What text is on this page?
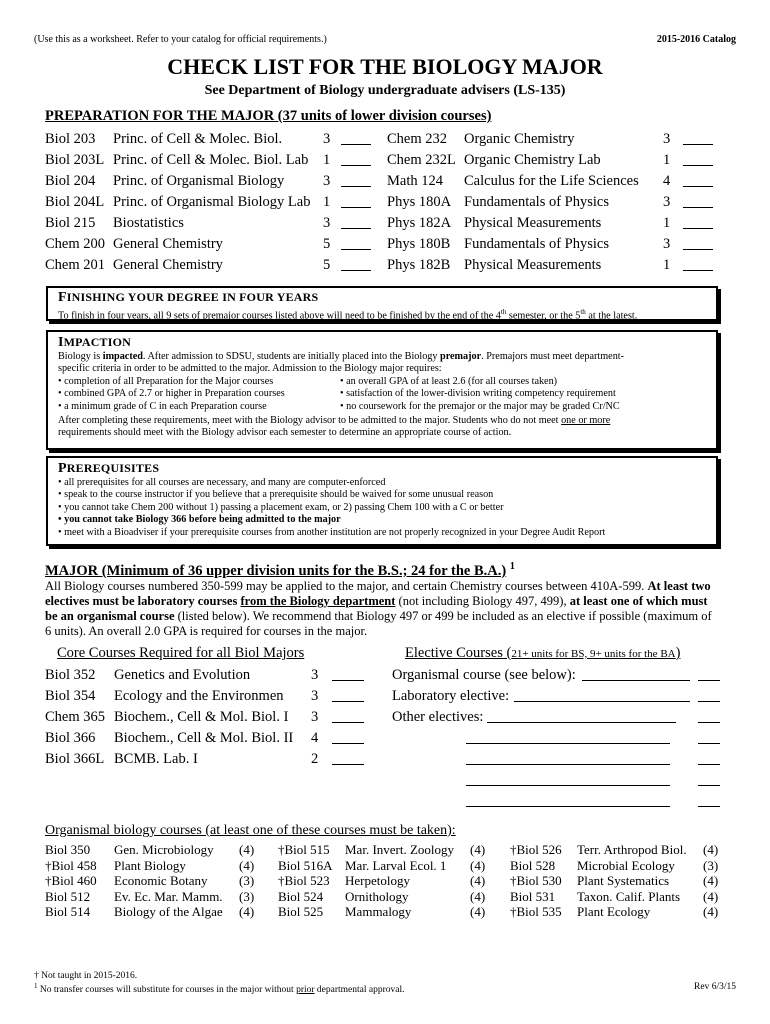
(Use this as a worksheet. Refer to your catalog for official requirements.)	2015-2016 Catalog
CHECK LIST FOR THE BIOLOGY MAJOR
See Department of Biology undergraduate advisers (LS-135)
PREPARATION FOR THE MAJOR (37 units of lower division courses)
Biol 203 Princ. of Cell & Molec. Biol.	3
Biol 203L Princ. of Cell & Molec. Biol. Lab 1
Biol 204 Princ. of Organismal Biology	3
Biol 204L Princ. of Organismal Biology Lab 1
Biol 215 Biostatistics	3
Chem 200 General Chemistry	5
Chem 201 General Chemistry	5
Chem 232 Organic Chemistry	3
Chem 232L Organic Chemistry Lab	1
Math 124 Calculus for the Life Sciences 4
Phys 180A Fundamentals of Physics	3
Phys 182A Physical Measurements	1
Phys 180B Fundamentals of Physics	3
Phys 182B Physical Measurements	1
FINISHING YOUR DEGREE IN FOUR YEARS
To finish in four years, all 9 sets of premajor courses listed above will need to be finished by the end of the 4th semester, or the 5th at the latest.
IMPACTION
Biology is impacted. After admission to SDSU, students are initially placed into the Biology premajor. Premajors must meet department-
specific criteria in order to be admitted to the major. Admission to the Biology major requires:
• completion of all Preparation for the Major courses
• combined GPA of 2.7 or higher in Preparation courses
• a minimum grade of C in each Preparation course
• an overall GPA of at least 2.6 (for all courses taken)
• satisfaction of the lower-division writing competency requirement
• no coursework for the premajor or the major may be graded Cr/NC
After completing these requirements, meet with the Biology advisor to be admitted to the major. Students who do not meet one or more
requirements should meet with the Biology advisor each semester to determine an appropriate course of action.
PREREQUISITES
• all prerequisites for all courses are necessary, and many are computer-enforced
• speak to the course instructor if you believe that a prerequisite should be waived for some unusual reason
• you cannot take Chem 200 without 1) passing a placement exam, or 2) passing Chem 100 with a C or better
• you cannot take Biology 366 before being admitted to the major
• meet with a Bioadviser if your prerequisite courses from another institution are not properly recognized in your Degree Audit Report
MAJOR (Minimum of 36 upper division units for the B.S.; 24 for the B.A.) $^1$
All Biology courses numbered 350-599 may be applied to the major, and certain Chemistry courses between 410A-599. At least two
electives must be laboratory courses from the Biology department (not including Biology 497, 499), at least one of which must
be an organismal course (listed below). We recommend that Biology 497 or 499 be included as an elective if possible (maximum of
6 units). An overall 2.0 GPA is required for courses in the major.
Core Courses Required for all Biol Majors	Elective Courses (21+ units for BS, 9+ units for the BA)
Biol 352 Genetics and Evolution	3
Biol 354 Ecology and the Environmen 3
Chem 365 Biochem., Cell & Mol. Biol. I 3
Biol 366 Biochem., Cell & Mol. Biol. II 4
Biol 366L BCMB. Lab. I	2
Organismal course (see below):
Laboratory elective:
Other electives:
Organismal biology courses (at least one of these courses must be taken):
Biol 350 Gen. Microbiology (4)
†Biol 458 Plant Biology	(4)
†Biol 460 Economic Botany (3)
Biol 512 Ev. Ec. Mar. Mamm. (3)
Biol 514 Biology of the Algae (4)
†Biol 515 Mar. Invert. Zoology (4)
Biol 516A Mar. Larval Ecol. 1 (4)
†Biol 523 Herpetology	(4)
Biol 524 Ornithology	(4)
Biol 525 Mammalogy	(4)
†Biol 526 Terr. Arthropod Biol. (4)
Biol 528 Microbial Ecology (3)
†Biol 530 Plant Systematics	(4)
Biol 531 Taxon. Calif. Plants (4)
†Biol 535 Plant Ecology	(4)
† Not taught in 2015-2016.
$^1$ No transfer courses will substitute for courses in the major without prior departmental approval.	Rev 6/3/15
